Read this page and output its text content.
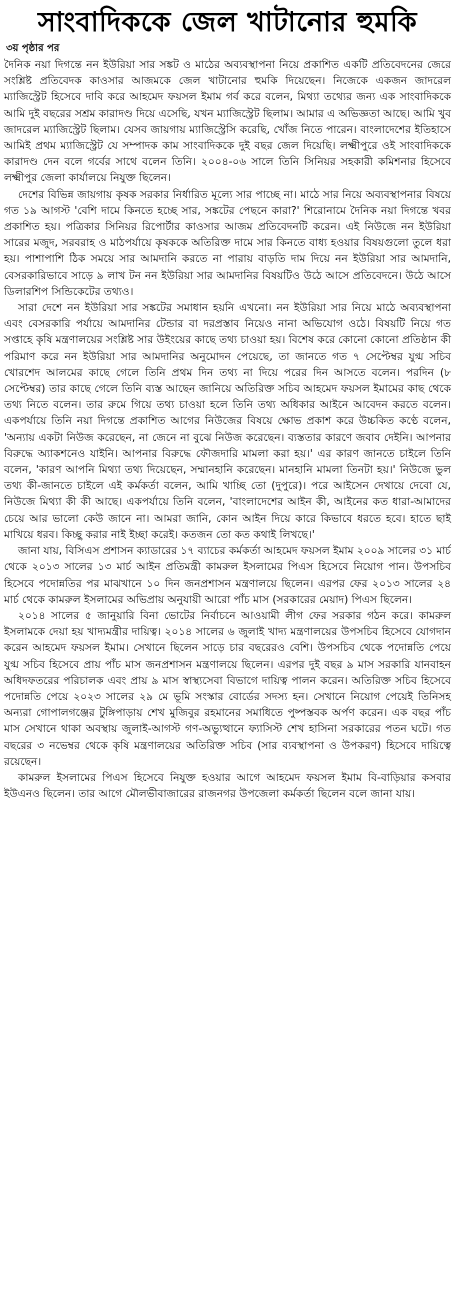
সাংবাদিককে জেল খাটানোর হুমকি
৩য় পৃষ্ঠার পর

দৈনিক নয়া দিগন্তে নন ইউরিয়া সার সঙ্কট ও মাঠের অব্যবস্থাপনা নিয়ে প্রকাশিত একটি প্রতিবেদনের জেরে সংশ্লিষ্ট প্রতিবেদক কাওসার আজমকে জেল খাটানোর হুমকি দিয়েছেন। নিজেকে একজন জাদরেল ম্যাজিস্ট্রেট হিসেবে দাবি করে আহমেদ ফয়সল ইমাম গর্ব করে বলেন, মিথ্যা তথ্যের জন্য এক সাংবাদিককে আমি দুই বছরের সশ্রম কারাদণ্ড দিয়ে এসেছি, যখন ম্যাজিস্ট্রেট ছিলাম। আমার এ অভিজ্ঞতা আছে। আমি খুব জাদরেল ম্যাজিস্ট্রেট ছিলাম। যেসব জায়গায় ম্যাজিস্ট্রেসি করেছি, খোঁজ নিতে পারেন। বাংলাদেশের ইতিহাসে আমিই প্রথম ম্যাজিস্ট্রেট যে সম্পাদক কাম সাংবাদিককে দুই বছর জেল দিয়েছি। লক্ষ্মীপুরে ওই সাংবাদিককে কারাদণ্ড দেন বলে গর্বের সাথে বলেন তিনি। ২০০৪-০৬ সালে তিনি সিনিয়র সহকারী কমিশনার হিসেবে লক্ষ্মীপুর জেলা কার্যালয়ে নিযুক্ত ছিলেন।

দেশের বিভিন্ন জায়গায় কৃষক সরকার নির্ধারিত মূল্যে সার পাচ্ছে না। মাঠে সার নিয়ে অব্যবস্থাপনার বিষয়ে গত ১৯ আগস্ট 'বেশি দামে কিনতে হচ্ছে সার, সঙ্কটের পেছনে কারা?' শিরোনামে দৈনিক নয়া দিগন্তে খবর প্রকাশিত হয়। পত্রিকার সিনিয়র রিপোর্টার কাওসার আজম প্রতিবেদনটি করেন। এই নিউজে নন ইউরিয়া সারের মজুদ, সরবরাহ ও মাঠপর্যায়ে কৃষককে অতিরিক্ত দামে সার কিনতে বাধ্য হওয়ার বিষয়গুলো তুলে ধরা হয়। পাশাপাশি ঠিক সময়ে সার আমদানি করতে না পারায় বাড়তি দাম দিয়ে নন ইউরিয়া সার আমদানি, বেসরকারিভাবে সাড়ে ৯ লাখ টন নন ইউরিয়া সার আমদানির বিষয়টিও উঠে আসে প্রতিবেদনে। উঠে আসে ডিলারশিপ সিন্ডিকেটের তথ্যও।

সারা দেশে নন ইউরিয়া সার সঙ্কটের সমাধান হয়নি এখনো। নন ইউরিয়া সার নিয়ে মাঠে অব্যবস্থাপনা এবং বেসরকারি পর্যায়ে আমদানির টেন্ডার বা দরপ্রস্তাব নিয়েও নানা অভিযোগ ওঠে। বিষয়টি নিয়ে গত সপ্তাহে কৃষি মন্ত্রণালয়ের সংশ্লিষ্ট সার উইংয়ের কাছে তথ্য চাওয়া হয়। বিশেষ করে কোনো কোনো প্রতিষ্ঠান কী পরিমাণ করে নন ইউরিয়া সার আমদানির অনুমোদন পেয়েছে, তা জানতে গত ৭ সেপ্টেম্বর যুগ্ম সচিব খোরশেদ আলমের কাছে গেলে তিনি প্রথম দিন তথ্য না দিয়ে পরের দিন আসতে বলেন। পরদিন (৮ সেপ্টেম্বর) তার কাছে গেলে তিনি ব্যস্ত আছেন জানিয়ে অতিরিক্ত সচিব আহমেদ ফয়সল ইমামের কাছ থেকে তথ্য নিতে বলেন। তার রুমে গিয়ে তথ্য চাওয়া হলে তিনি তথ্য অধিকার আইনে আবেদন করতে বলেন। একপর্যায়ে তিনি নয়া দিগন্তে প্রকাশিত আগের নিউজের বিষয়ে ক্ষোভ প্রকাশ করে উচ্চকিত কণ্ঠে বলেন, 'অন্যায় একটা নিউজ করেছেন, না জেনে না বুঝে নিউজ করেছেন। ব্যস্ততার কারণে জবাব দেইনি। আপনার বিরুদ্ধে অ্যাকশনেও যাইনি। আপনার বিরুদ্ধে ফৌজদারি মামলা করা হয়।' এর কারণ জানতে চাইলে তিনি বলেন, 'কারণ আপনি মিথ্যা তথ্য দিয়েছেন, সম্মানহানি করেছেন। মানহানি মামলা তিনটা হয়।' নিউজে ভুল তথ্য কী-জানতে চাইলে এই কর্মকর্তা বলেন, আমি খাচ্ছি তো (দুপুরে)। পরে আইসেন দেখায়ে দেবো যে, নিউজে মিথ্যা কী কী আছে। একপর্যায়ে তিনি বলেন, 'বাংলাদেশের আইন কী, আইনের কত ধারা-আমাদের চেয়ে আর ভালো কেউ জানে না। আমরা জানি, কোন আইন দিয়ে কারে কিভাবে ধরতে হবে। হাতে ছাই মাখিয়ে ধরব। কিচ্ছু করার নাই ইচ্ছা করেই। কতজন তো কত কথাই লিখছে।'

জানা যায়, বিসিএস প্রশাসন ক্যাডারের ১৭ ব্যাচের কর্মকর্তা আহমেদ ফয়সল ইমাম ২০০৯ সালের ৩১ মার্চ থেকে ২০১৩ সালের ১৩ মার্চ আইন প্রতিমন্ত্রী কামরুল ইসলামের পিএস হিসেবে নিয়োগ পান। উপসচিব হিসেবে পদোন্নতির পর মাঝখানে ১০ দিন জনপ্রশাসন মন্ত্রণালয়ে ছিলেন। এরপর ফের ২০১৩ সালের ২৪ মার্চ থেকে কামরুল ইসলামের অভিপ্রায় অনুযায়ী আরো পাঁচ মাস (সরকারের মেয়াদ) পিএস ছিলেন।

২০১৪ সালের ৫ জানুয়ারি বিনা ভোটের নির্বাচনে আওয়ামী লীগ ফের সরকার গঠন করে। কামরুল ইসলামকে দেয়া হয় খাদ্যমন্ত্রীর দায়িত্ব। ২০১৪ সালের ৬ জুলাই খাদ্য মন্ত্রণালয়ের উপসচিব হিসেবে যোগদান করেন আহমেদ ফয়সল ইমাম। সেখানে ছিলেন সাড়ে চার বছরেরও বেশি। উপসচিব থেকে পদোন্নতি পেয়ে যুগ্ম সচিব হিসেবে প্রায় পাঁচ মাস জনপ্রশাসন মন্ত্রণালয়ে ছিলেন। এরপর দুই বছর ৯ মাস সরকারি যানবাহন অধিদফতরের পরিচালক এবং প্রায় ৯ মাস স্বাস্থ্যসেবা বিভাগে দায়িত্ব পালন করেন। অতিরিক্ত সচিব হিসেবে পদোন্নতি পেয়ে ২০২৩ সালের ২৯ মে ভূমি সংস্কার বোর্ডের সদস্য হন। সেখানে নিয়োগ পেয়েই তিনিসহ অন্যরা গোপালগঞ্জের টুঙ্গিপাড়ায় শেখ মুজিবুর রহমানের সমাধিতে পুষ্পস্তবক অর্পণ করেন। এক বছর পাঁচ মাস সেখানে থাকা অবস্থায় জুলাই-আগস্ট গণ-অভ্যুত্থানে ফ্যাসিস্ট শেখ হাসিনা সরকারের পতন ঘটে। গত বছরের ৩ নভেম্বর থেকে কৃষি মন্ত্রণালয়ের অতিরিক্ত সচিব (সার ব্যবস্থাপনা ও উপকরণ) হিসেবে দায়িত্বে রয়েছেন।

কামরুল ইসলামের পিএস হিসেবে নিযুক্ত হওয়ার আগে আহমেদ ফয়সল ইমাম বি-বাড়িয়ার কসবার ইউএনও ছিলেন। তার আগে মৌলভীবাজারের রাজনগর উপজেলা কর্মকর্তা ছিলেন বলে জানা যায়।
